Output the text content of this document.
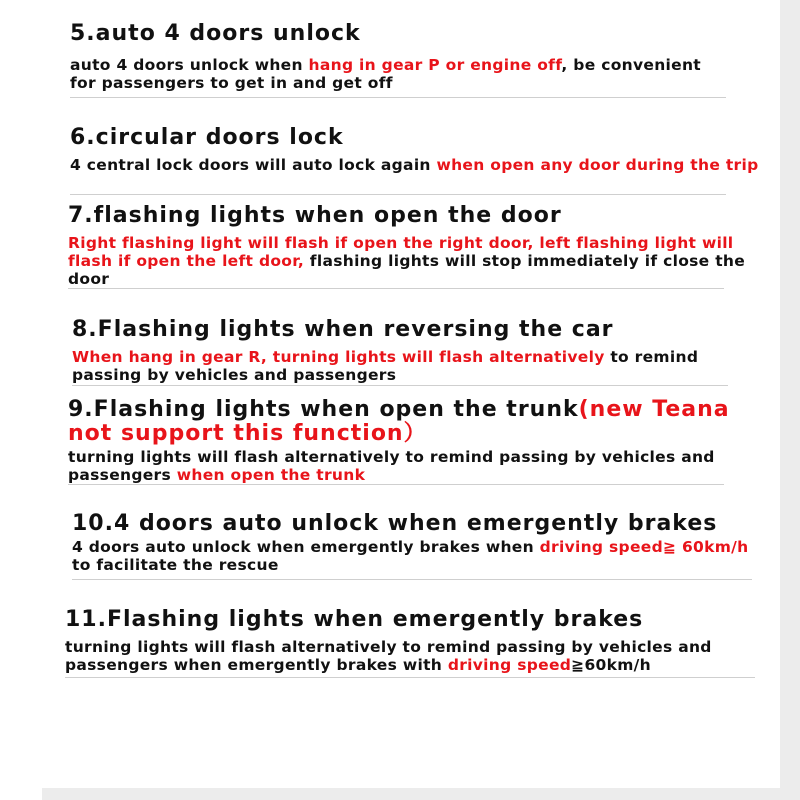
5.auto 4 doors unlock
auto 4 doors unlock when hang in gear P or engine off, be convenient for passengers to get in and get off
6.circular doors lock
4 central lock doors will auto lock again when open any door during the trip
7.flashing lights when open the door
Right flashing light will flash if open the right door, left flashing light will flash if open the left door, flashing lights will stop immediately if close the door
8.Flashing lights when reversing the car
When hang in gear R, turning lights will flash alternatively to remind passing by vehicles and passengers
9.Flashing lights when open the trunk(new Teana not support this function）
turning lights will flash alternatively to remind passing by vehicles and passengers when open the trunk
10.4 doors auto unlock when emergently brakes
4 doors auto unlock when emergently brakes when driving speed≧ 60km/h to facilitate the rescue
11.Flashing lights when emergently brakes
turning lights will flash alternatively to remind passing by vehicles and passengers when emergently brakes with driving speed≧60km/h
